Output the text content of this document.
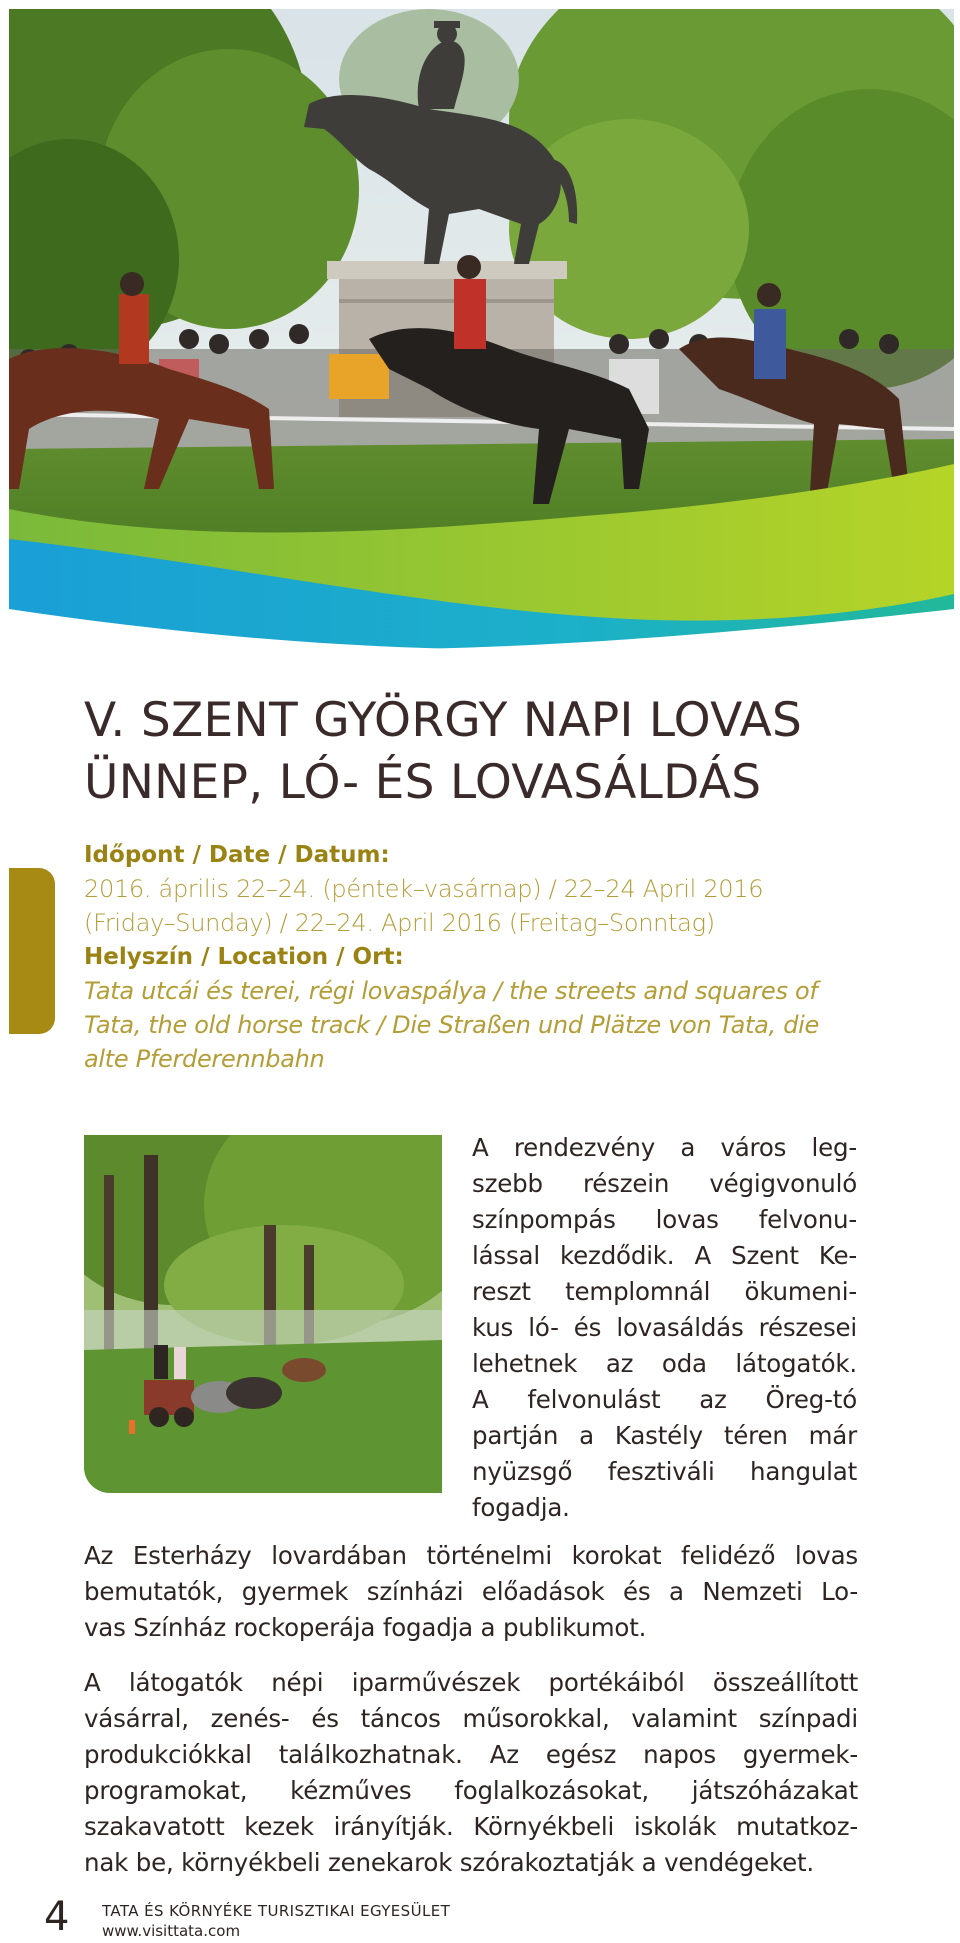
V. SZENT GYÖRGY NAPI LOVAS
ÜNNEP, LÓ- ÉS LOVASÁLDÁS
Időpont / Date / Datum:
2016. április 22–24. (péntek–vasárnap) / 22–24 April 2016
(Friday–Sunday) / 22–24. April 2016 (Freitag–Sonntag)
Helyszín / Location / Ort:
Tata utcái és terei, régi lovaspálya / the streets and squares of
Tata, the old horse track / Die Straßen und Plätze von Tata, die
alte Pferderennbahn

A rendezvény a város leg-
szebb részein végigvonuló
színpompás lovas felvonu-
lással kezdődik. A Szent Ke-
reszt templomnál ökumeni-
kus ló- és lovasáldás részesei
lehetnek az oda látogatók.
A felvonulást az Öreg-tó
partján a Kastély téren már
nyüzsgő fesztiváli hangulat
fogadja.

Az Esterházy lovardában történelmi korokat felidéző lovas
bemutatók, gyermek színházi előadások és a Nemzeti Lo-
vas Színház rockoperája fogadja a publikumot.

A látogatók népi iparművészek portékáiból összeállított
vásárral, zenés- és táncos műsorokkal, valamint színpadi
produkciókkal találkozhatnak. Az egész napos gyermek-
programokat, kézműves foglalkozásokat, játszóházakat
szakavatott kezek irányítják. Környékbeli iskolák mutatkoz-
nak be, környékbeli zenekarok szórakoztatják a vendégeket.

4 TATA ÉS KÖRNYÉKE TURISZTIKAI EGYESÜLET
www.visittata.com
